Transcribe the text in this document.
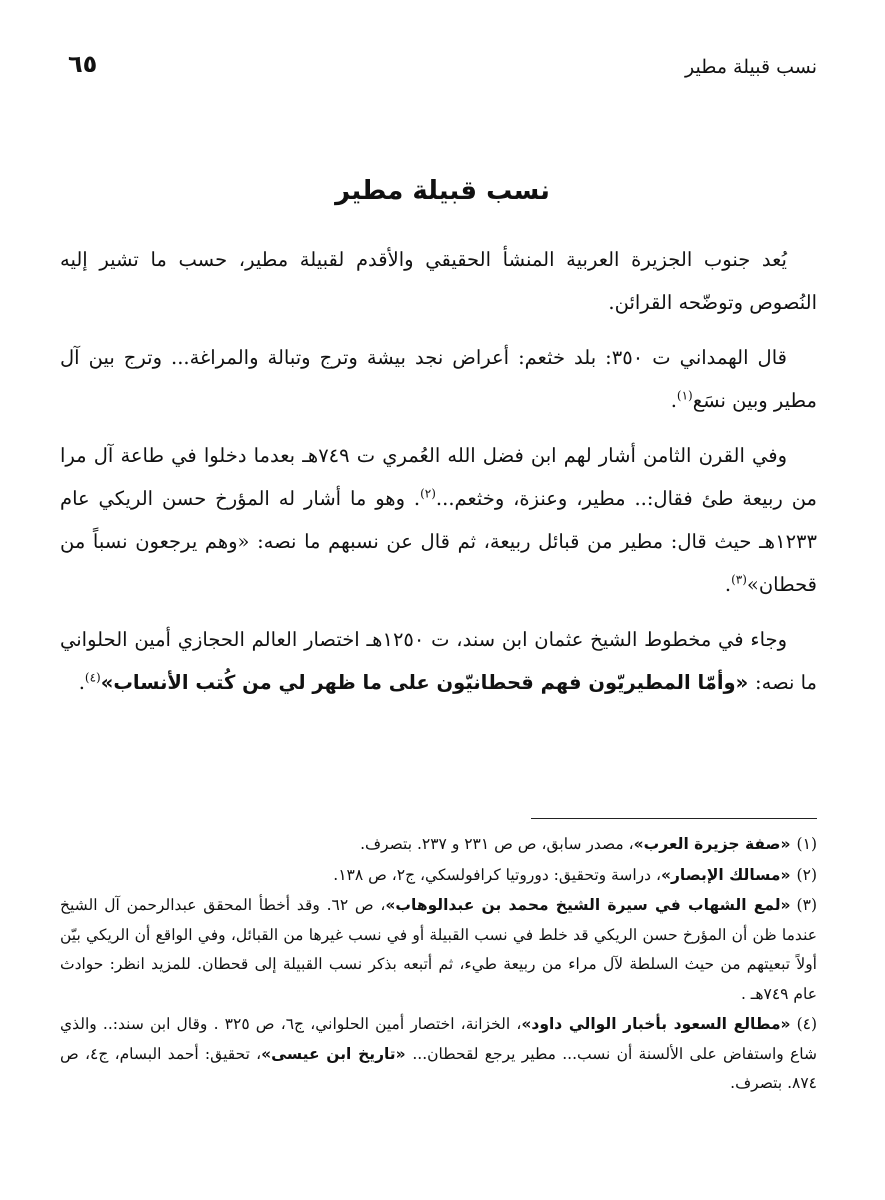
نسب قبيلة مطير
٦٥
نسب قبيلة مطير

يُعد جنوب الجزيرة العربية المنشأ الحقيقي والأقدم لقبيلة مطير، حسب ما تشير إليه النُصوص وتوضّحه القرائن.

قال الهمداني ت ٣٥٠: بلد خثعم: أعراض نجد بيشة وترج وتبالة والمراغة... وترج بين آل مطير وبين نسَع$^{(١)}$.

وفي القرن الثامن أشار لهم ابن فضل الله العُمري ت ٧٤٩هـ بعدما دخلوا في طاعة آل مرا من ربيعة طئ فقال:.. مطير، وعنزة، وخثعم...$^{(٢)}$. وهو ما أشار له المؤرخ حسن الريكي عام ١٢٣٣هـ حيث قال: مطير من قبائل ربيعة، ثم قال عن نسبهم ما نصه: «وهم يرجعون نسباً من قحطان»$^{(٣)}$.

وجاء في مخطوط الشيخ عثمان ابن سند، ت ١٢٥٠هـ اختصار العالم الحجازي أمين الحلواني ما نصه: «وأمّا المطيريّون فهم قحطانيّون على ما ظهر لي من كُتب الأنساب»$^{(٤)}$.

(١)«صفة جزيرة العرب»، مصدر سابق، ص ص ٢٣١ و ٢٣٧. بتصرف.
(٢)«مسالك الإبصار»، دراسة وتحقيق: دوروتيا كرافولسكي، ج٢، ص ١٣٨.
(٣)«لمع الشهاب في سيرة الشيخ محمد بن عبدالوهاب»، ص ٦٢. وقد أخطأ المحقق عبدالرحمن آل الشيخ عندما ظن أن المؤرخ حسن الريكي قد خلط في نسب القبيلة أو في نسب غيرها من القبائل، وفي الواقع أن الريكي بيّن أولاً تبعيتهم من حيث السلطة لآل مراء من ربيعة طيء، ثم أتبعه بذكر نسب القبيلة إلى قحطان. للمزيد انظر: حوادث عام ٧٤٩هـ .
(٤)«مطالع السعود بأخبار الوالي داود»، الخزانة، اختصار أمين الحلواني، ج٦، ص ٣٢٥ . وقال ابن سند:.. والذي شاع واستفاض على الألسنة أن نسب... مطير يرجع لقحطان... «تاريخ ابن عيسى»، تحقيق: أحمد البسام، ج٤، ص ٨٧٤. بتصرف.
